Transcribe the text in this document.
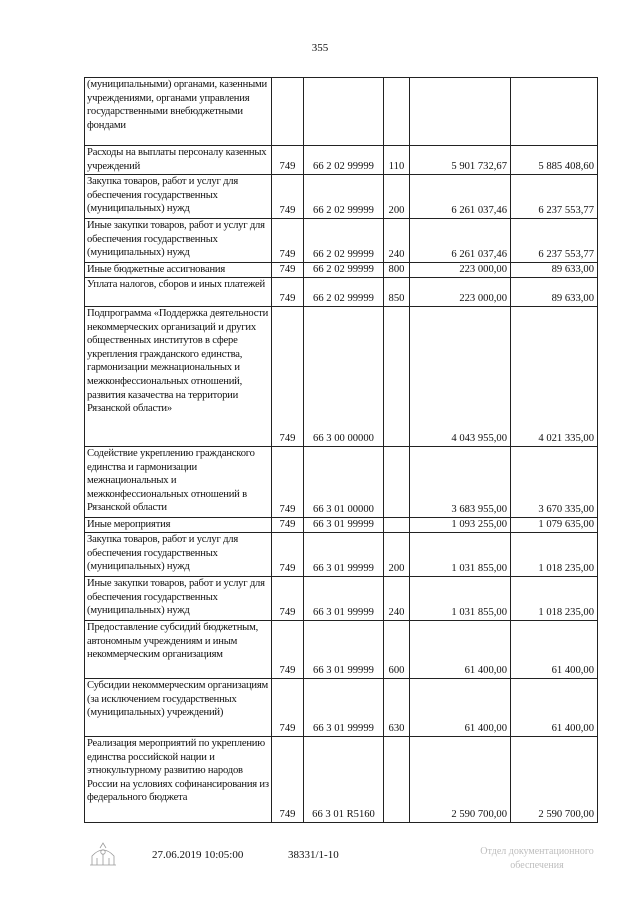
355
(муниципальными) органами, казенными учреждениями, органами управления государственными внебюджетными фондами					
Расходы на выплаты персоналу казенных учреждений	749	66 2 02 99999	110	5 901 732,67	5 885 408,60
Закупка товаров, работ и услуг для обеспечения государственных (муниципальных) нужд	749	66 2 02 99999	200	6 261 037,46	6 237 553,77
Иные закупки товаров, работ и услуг для обеспечения государственных (муниципальных) нужд	749	66 2 02 99999	240	6 261 037,46	6 237 553,77
Иные бюджетные ассигнования	749	66 2 02 99999	800	223 000,00	89 633,00
Уплата налогов, сборов и иных платежей	749	66 2 02 99999	850	223 000,00	89 633,00
Подпрограмма «Поддержка деятельности некоммерческих организаций и других общественных институтов в сфере укрепления гражданского единства, гармонизации межнациональных и межконфессиональных отношений, развития казачества на территории Рязанской области»	749	66 3 00 00000		4 043 955,00	4 021 335,00
Содействие укреплению гражданского единства и гармонизации межнациональных и межконфессиональных отношений в Рязанской области	749	66 3 01 00000		3 683 955,00	3 670 335,00
Иные мероприятия	749	66 3 01 99999		1 093 255,00	1 079 635,00
Закупка товаров, работ и услуг для обеспечения государственных (муниципальных) нужд	749	66 3 01 99999	200	1 031 855,00	1 018 235,00
Иные закупки товаров, работ и услуг для обеспечения государственных (муниципальных) нужд	749	66 3 01 99999	240	1 031 855,00	1 018 235,00
Предоставление субсидий бюджетным, автономным учреждениям и иным некоммерческим организациям	749	66 3 01 99999	600	61 400,00	61 400,00
Субсидии некоммерческим организациям (за исключением государственных (муниципальных) учреждений)	749	66 3 01 99999	630	61 400,00	61 400,00
Реализация мероприятий по укреплению единства российской нации и этнокультурному развитию народов России на условиях софинансирования из федерального бюджета	749	66 3 01 R5160		2 590 700,00	2 590 700,00
27.06.2019 10:05:00	38331/1-10	Отдел документационного
обеспечения
